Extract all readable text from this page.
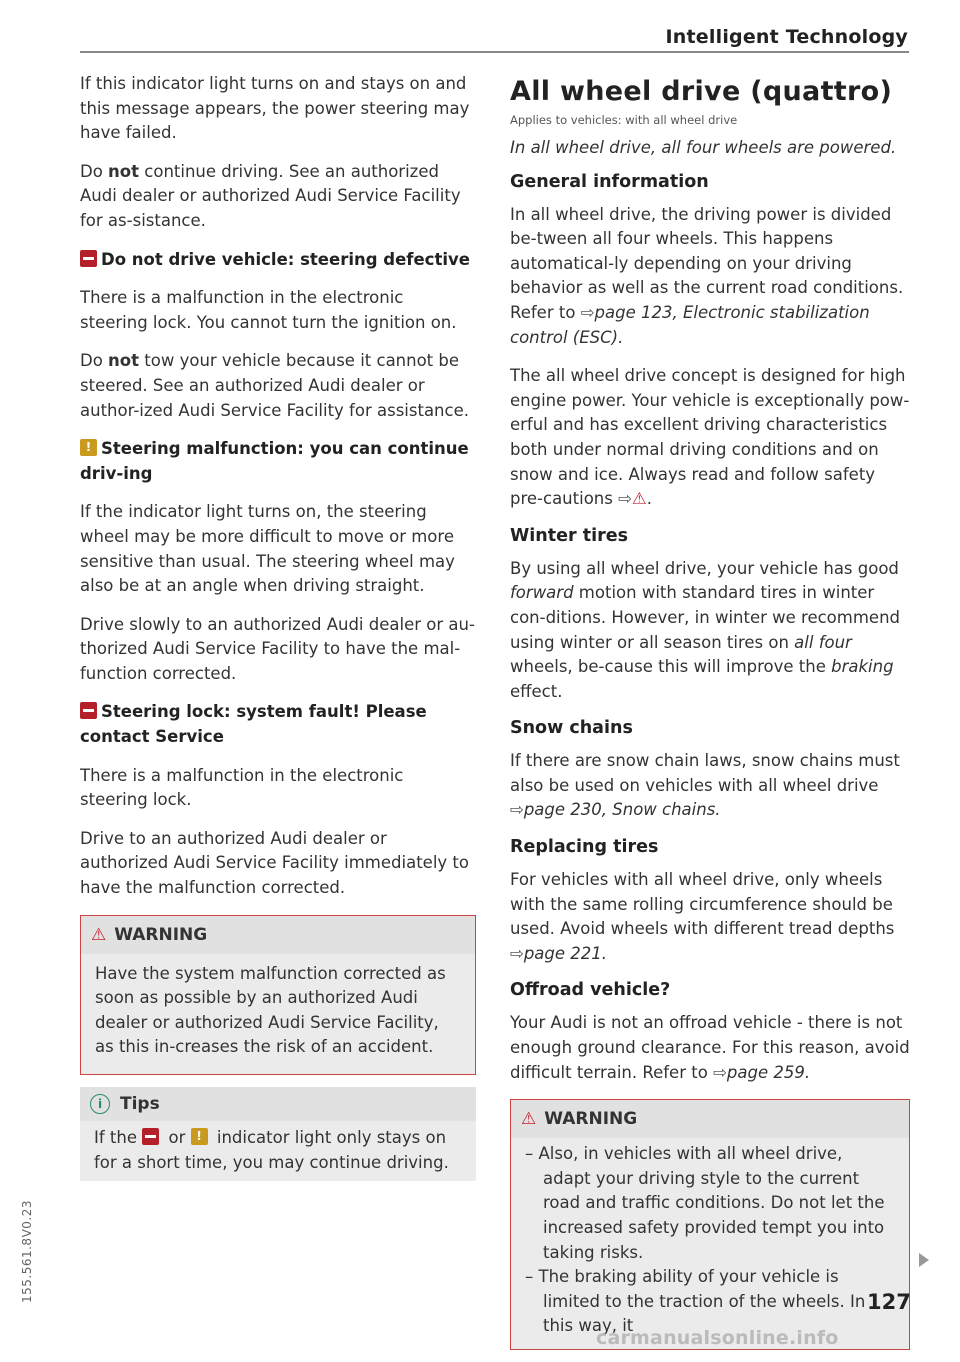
Intelligent Technology

If this indicator light turns on and stays on and this message appears, the power steering may have failed.

Do not continue driving. See an authorized Audi dealer or authorized Audi Service Facility for as-sistance.

Do not drive vehicle: steering defective

There is a malfunction in the electronic steering lock. You cannot turn the ignition on.

Do not tow your vehicle because it cannot be steered. See an authorized Audi dealer or author-ized Audi Service Facility for assistance.

!Steering malfunction: you can continue driv-ing

If the indicator light turns on, the steering wheel may be more difficult to move or more sensitive than usual. The steering wheel may also be at an angle when driving straight.

Drive slowly to an authorized Audi dealer or au-thorized Audi Service Facility to have the mal-function corrected.

Steering lock: system fault! Please contact Service

There is a malfunction in the electronic steering lock.

Drive to an authorized Audi dealer or authorized Audi Service Facility immediately to have the malfunction corrected.

⚠ WARNING

Have the system malfunction corrected as soon as possible by an authorized Audi dealer or authorized Audi Service Facility, as this in-creases the risk of an accident.

i Tips

If the  or ! indicator light only stays on for a short time, you may continue driving.

All wheel drive (quattro)
Applies to vehicles: with all wheel drive

In all wheel drive, all four wheels are powered.

General information

In all wheel drive, the driving power is divided be-tween all four wheels. This happens automatical-ly depending on your driving behavior as well as the current road conditions. Refer to ⇨page 123, Electronic stabilization control (ESC).

The all wheel drive concept is designed for high engine power. Your vehicle is exceptionally pow-erful and has excellent driving characteristics both under normal driving conditions and on snow and ice. Always read and follow safety pre-cautions ⇨⚠.

Winter tires

By using all wheel drive, your vehicle has good forward motion with standard tires in winter con-ditions. However, in winter we recommend using winter or all season tires on all four wheels, be-cause this will improve the braking effect.

Snow chains

If there are snow chain laws, snow chains must also be used on vehicles with all wheel drive ⇨page 230, Snow chains.

Replacing tires

For vehicles with all wheel drive, only wheels with the same rolling circumference should be used. Avoid wheels with different tread depths ⇨page 221.

Offroad vehicle?

Your Audi is not an offroad vehicle - there is not enough ground clearance. For this reason, avoid difficult terrain. Refer to ⇨page 259.

⚠ WARNING
– Also, in vehicles with all wheel drive, adapt your driving style to the current road and traffic conditions. Do not let the increased safety provided tempt you into taking risks.
– The braking ability of your vehicle is limited to the traction of the wheels. In this way, it
127
155.561.8V0.23
carmanualsonline.info
